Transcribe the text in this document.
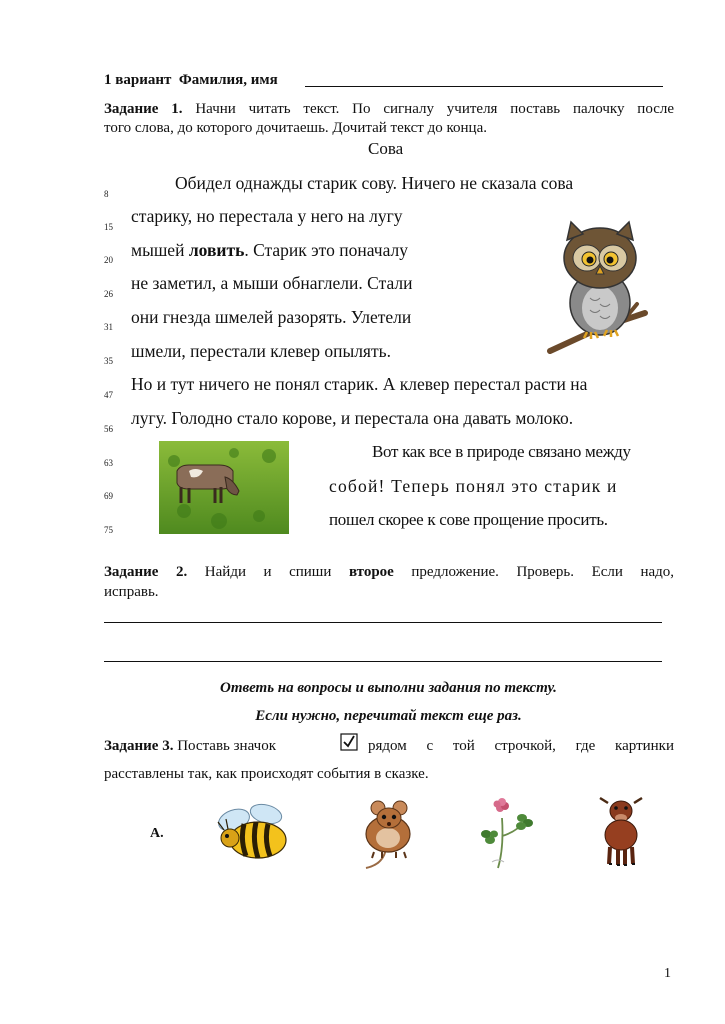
1 вариант Фамилия, имя
Задание 1. Начни читать текст. По сигналу учителя поставь палочку после
того слова, до которого дочитаешь. Дочитай текст до конца.
Сова
8
15
20
26
31
35
47
56
63
69
75
Обидел однажды старик сову. Ничего не сказала сова
старику, но перестала у него на лугу
мышей ловить. Старик это поначалу
не заметил, а мыши обнаглели. Стали
они гнезда шмелей разорять. Улетели
шмели, перестали клевер опылять.
Но и тут ничего не понял старик. А клевер перестал расти на
лугу. Голодно стало корове, и перестала она давать молоко.
Вот как все в природе связано между
собой! Теперь понял это старик и
пошел скорее к сове прощение просить.
Задание 2. Найди и спиши второе предложение. Проверь. Если надо,
исправь.
Ответь на вопросы и выполни задания по тексту.
Если нужно, перечитай текст еще раз.
Задание 3. Поставь значок	рядом с той строчкой, где картинки
расставлены так, как происходят события в сказке.
А.
1
